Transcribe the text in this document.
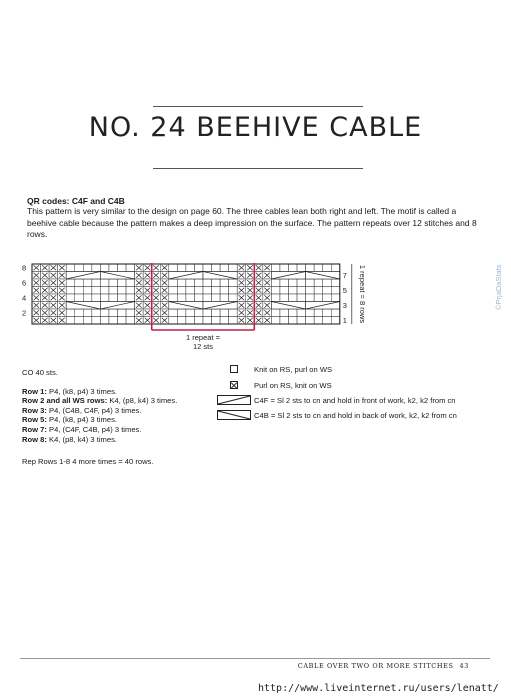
NO. 24 BEEHIVE CABLE
QR codes: C4F and C4B
This pattern is very similar to the design on page 60. The three cables lean both right and left. The motif is called a beehive cable because the pattern makes a deep impression on the surface. The pattern repeats over 12 stitches and 8 rows.
8
6
4
2
7
5
3
1 1 repeat = 8 rows
1 repeat =
12 sts
CO 40 sts.
Row 1: P4, (k8, p4) 3 times.
Row 2 and all WS rows: K4, (p8, k4) 3 times.
Row 3: P4, (C4B, C4F, p4) 3 times.
Row 5: P4, (k8, p4) 3 times.
Row 7: P4, (C4F, C4B, p4) 3 times.
Row 8: K4, (p8, k4) 3 times.
Rep Rows 1-8 4 more times = 40 rows.
Knit on RS, purl on WS
Purl on RS, knit on WS
C4F = Sl 2 sts to cn and hold in front of work, k2, k2 from cn
C4B = Sl 2 sts to cn and hold in back of work, k2, k2 from cn
©PrjaDaStats
CABLE OVER TWO OR MORE STITCHES 43
http://www.liveinternet.ru/users/lenatt/
